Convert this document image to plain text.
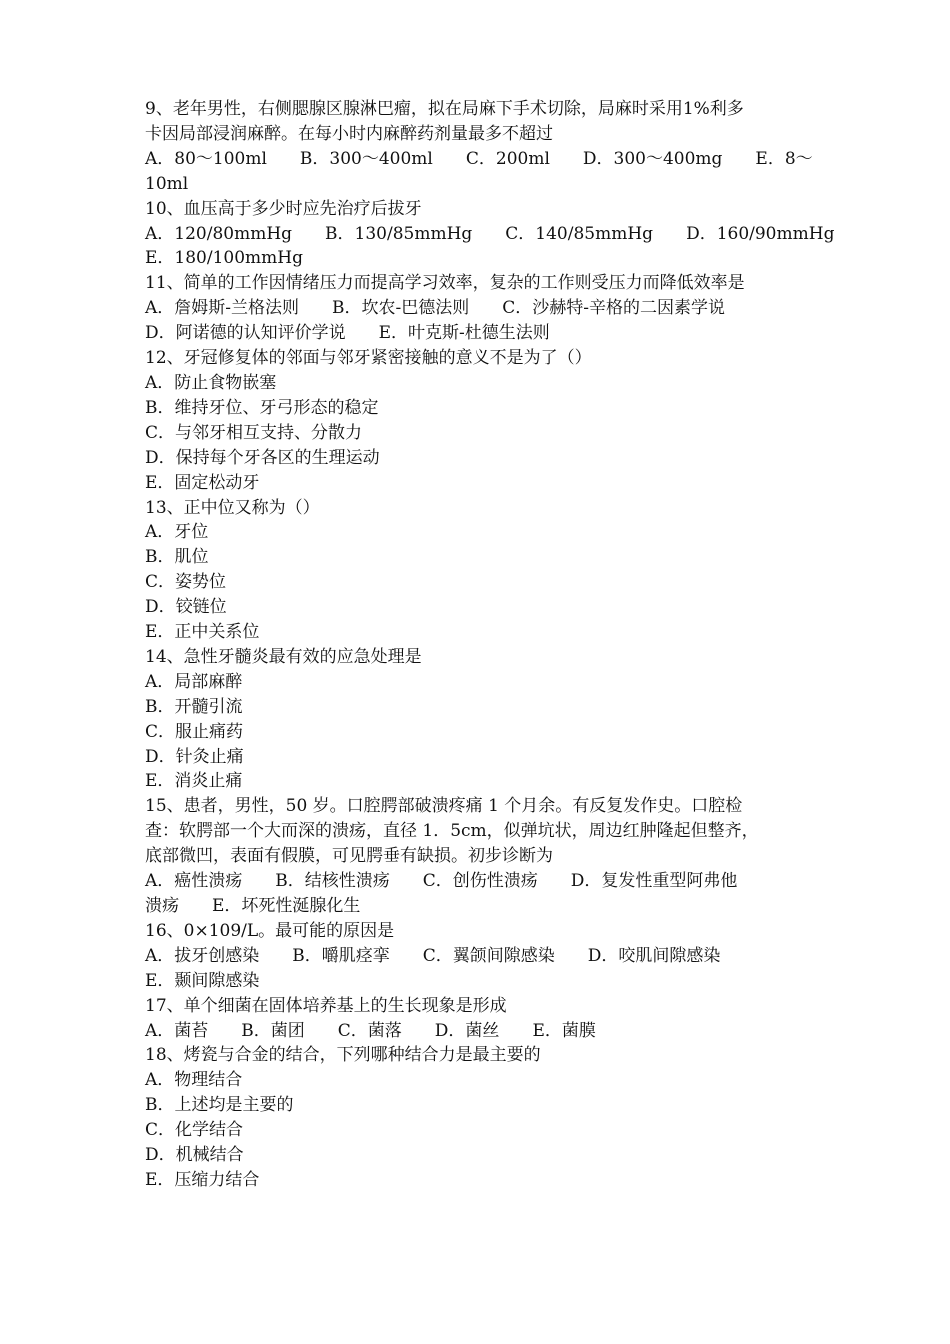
9、老年男性，右侧腮腺区腺淋巴瘤，拟在局麻下手术切除，局麻时采用1%利多
卡因局部浸润麻醉。在每小时内麻醉药剂量最多不超过
A．80～100ml B．300～400ml C．200ml D．300～400mg E．8～
10ml
10、血压高于多少时应先治疗后拔牙
A．120/80mmHg B．130/85mmHg C．140/85mmHg D．160/90mmHg
E．180/100mmHg
11、简单的工作因情绪压力而提高学习效率，复杂的工作则受压力而降低效率是
A．詹姆斯-兰格法则 B．坎农-巴德法则 C．沙赫特-辛格的二因素学说
D．阿诺德的认知评价学说 E．叶克斯-杜德生法则
12、牙冠修复体的邻面与邻牙紧密接触的意义不是为了（）
A．防止食物嵌塞
B．维持牙位、牙弓形态的稳定
C．与邻牙相互支持、分散力
D．保持每个牙各区的生理运动
E．固定松动牙
13、正中位又称为（）
A．牙位
B．肌位
C．姿势位
D．铰链位
E．正中关系位
14、急性牙髓炎最有效的应急处理是
A．局部麻醉
B．开髓引流
C．服止痛药
D．针灸止痛
E．消炎止痛
15、患者，男性，50 岁。口腔腭部破溃疼痛 1 个月余。有反复发作史。口腔检
查：软腭部一个大而深的溃疡，直径 1．5cm，似弹坑状，周边红肿隆起但整齐，
底部微凹，表面有假膜，可见腭垂有缺损。初步诊断为
A．癌性溃疡 B．结核性溃疡 C．创伤性溃疡 D．复发性重型阿弗他
溃疡 E．坏死性涎腺化生
16、0×109/L。最可能的原因是
A．拔牙创感染 B．嚼肌痉挛 C．翼颌间隙感染 D．咬肌间隙感染
E．颞间隙感染
17、单个细菌在固体培养基上的生长现象是形成
A．菌苔 B．菌团 C．菌落 D．菌丝 E．菌膜
18、烤瓷与合金的结合，下列哪种结合力是最主要的
A．物理结合
B．上述均是主要的
C．化学结合
D．机械结合
E．压缩力结合
